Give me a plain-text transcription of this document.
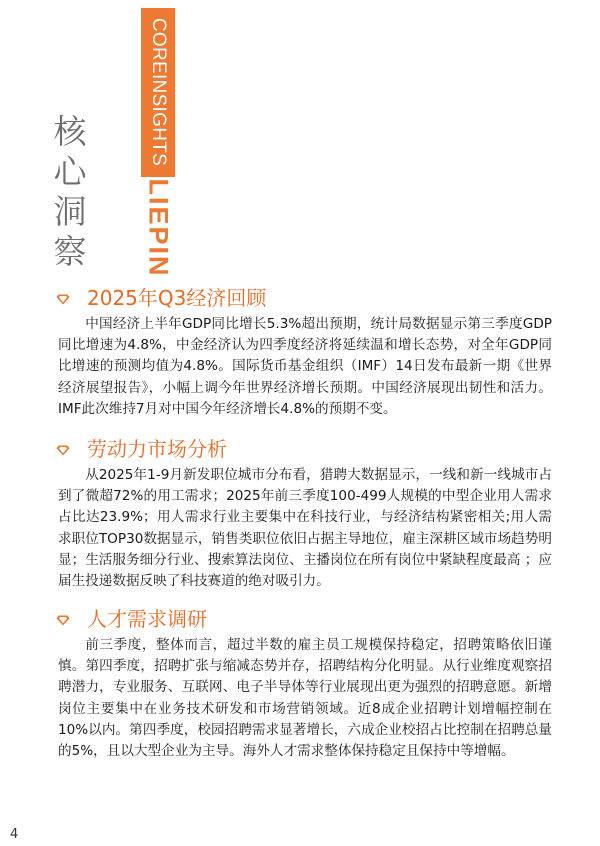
核
心
洞
察
COREINSIGHTS
LIEPIN
2025年Q3经济回顾

中国经济上半年GDP同比增长5.3%超出预期，统计局数据显示第三季度GDP同比增速为4.8%，中金经济认为四季度经济将延续温和增长态势，对全年GDP同比增速的预测均值为4.8%。国际货币基金组织（IMF）14日发布最新一期《世界经济展望报告》，小幅上调今年世界经济增长预期。中国经济展现出韧性和活力。IMF此次维持7月对中国今年经济增长4.8%的预期不变。

劳动力市场分析

从2025年1-9月新发职位城市分布看，猎聘大数据显示，一线和新一线城市占到了微超72%的用工需求；2025年前三季度100-499人规模的中型企业用人需求占比达23.9%；用人需求行业主要集中在科技行业，与经济结构紧密相关;用人需求职位TOP30数据显示，销售类职位依旧占据主导地位，雇主深耕区域市场趋势明显；生活服务细分行业、搜索算法岗位、主播岗位在所有岗位中紧缺程度最高 ；应届生投递数据反映了科技赛道的绝对吸引力。

人才需求调研

前三季度，整体而言，超过半数的雇主员工规模保持稳定，招聘策略依旧谨慎。第四季度，招聘扩张与缩减态势并存，招聘结构分化明显。从行业维度观察招聘潜力，专业服务、互联网、电子半导体等行业展现出更为强烈的招聘意愿。新增岗位主要集中在业务技术研发和市场营销领域。近8成企业招聘计划增幅控制在10%以内。第四季度，校园招聘需求显著增长，六成企业校招占比控制在招聘总量的5%，且以大型企业为主导。海外人才需求整体保持稳定且保持中等增幅。

4
